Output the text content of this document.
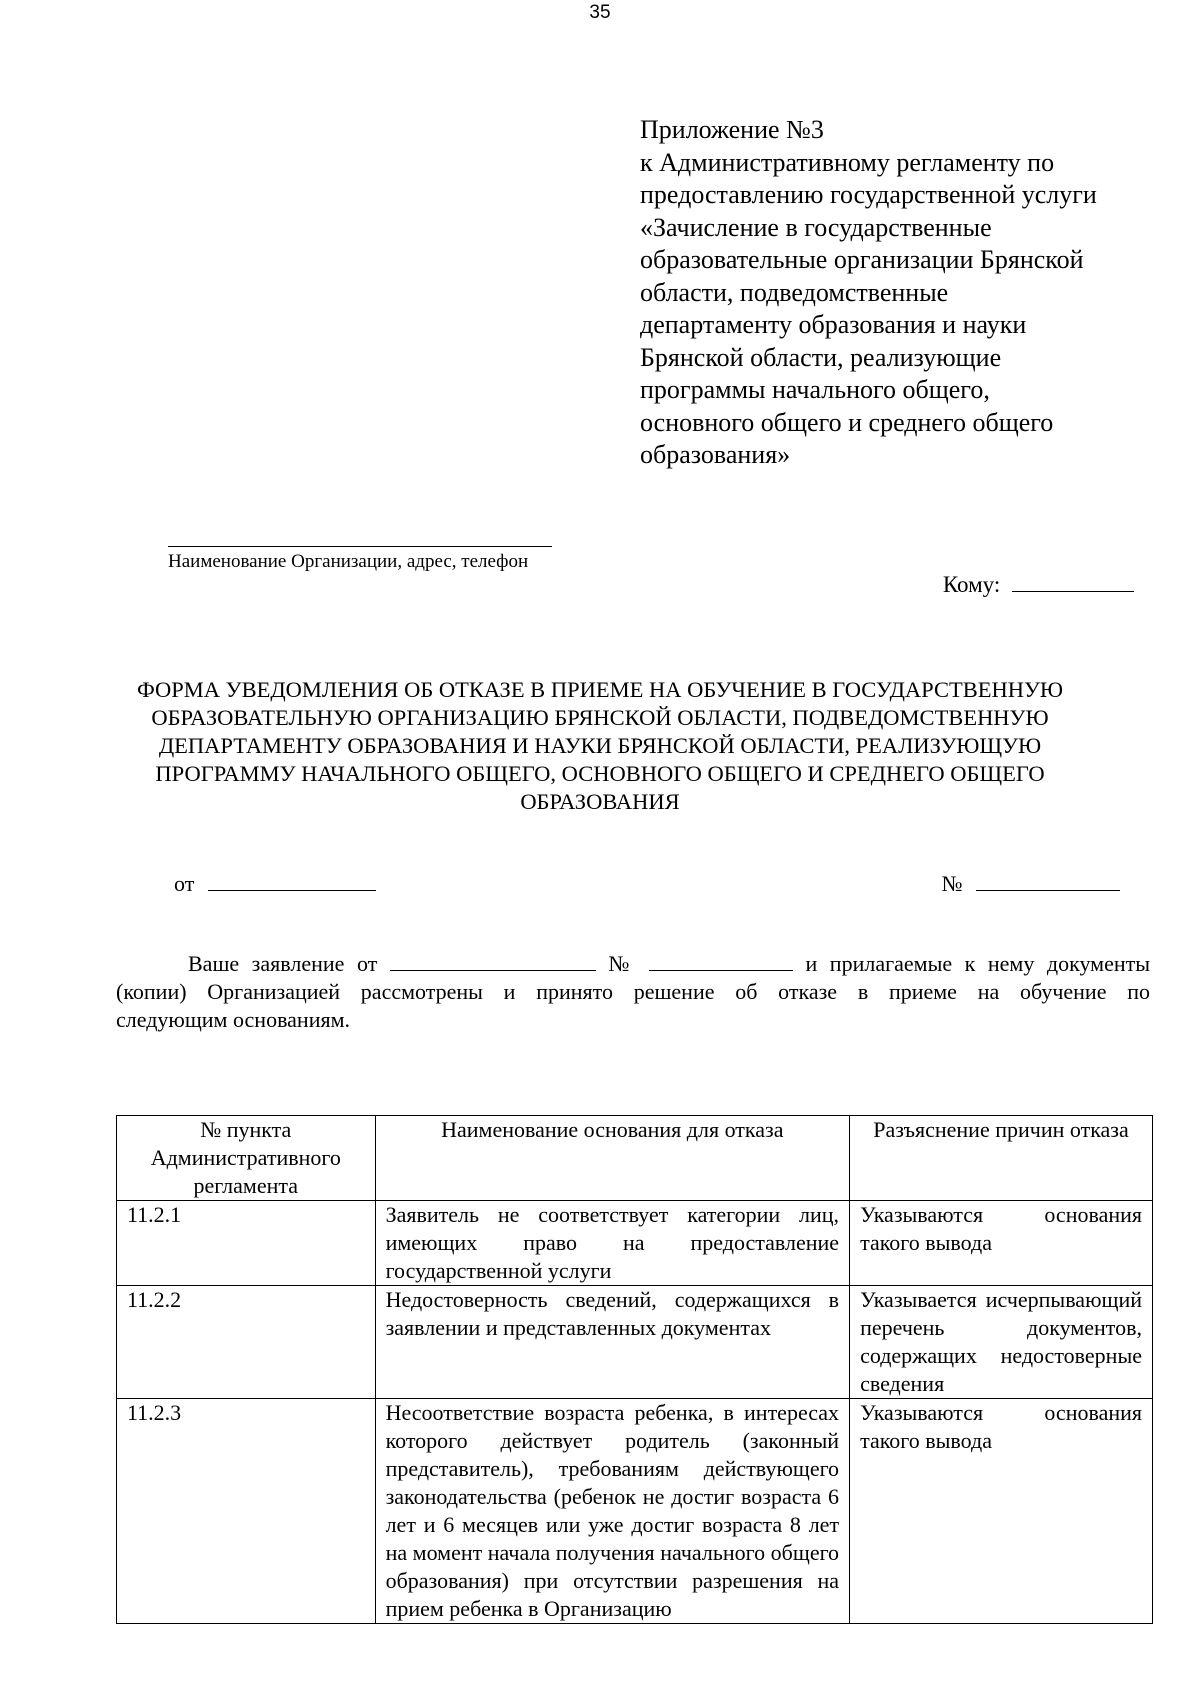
35
Приложение №3
к Административному регламенту по
предоставлению государственной услуги
«Зачисление в государственные
образовательные организации Брянской
области, подведомственные
департаменту образования и науки
Брянской области, реализующие
программы начального общего,
основного общего и среднего общего
образования»
Наименование Организации, адрес, телефон
Кому:
ФОРМА УВЕДОМЛЕНИЯ ОБ ОТКАЗЕ В ПРИЕМЕ НА ОБУЧЕНИЕ В ГОСУДАРСТВЕННУЮ
ОБРАЗОВАТЕЛЬНУЮ ОРГАНИЗАЦИЮ БРЯНСКОЙ ОБЛАСТИ, ПОДВЕДОМСТВЕННУЮ
ДЕПАРТАМЕНТУ ОБРАЗОВАНИЯ И НАУКИ БРЯНСКОЙ ОБЛАСТИ, РЕАЛИЗУЮЩУЮ
ПРОГРАММУ НАЧАЛЬНОГО ОБЩЕГО, ОСНОВНОГО ОБЩЕГО И СРЕДНЕГО ОБЩЕГО
ОБРАЗОВАНИЯ
от	№
Ваше заявление от	№	и прилагаемые к нему документы
(копии) Организацией рассмотрены и принято решение об отказе в приеме на обучение по
следующим основаниям.
№ пункта Административного регламента	Наименование основания для отказа	Разъяснение причин отказа
11.2.1	Заявитель не соответствует категории лиц, имеющих право на предоставление государственной услуги	Указываются основания такого вывода
11.2.2	Недостоверность сведений, содержащихся в заявлении и представленных документах	Указывается исчерпывающий перечень документов, содержащих недостоверные сведения
11.2.3	Несоответствие возраста ребенка, в интересах которого действует родитель (законный представитель), требованиям действующего законодательства (ребенок не достиг возраста 6 лет и 6 месяцев или уже достиг возраста 8 лет на момент начала получения начального общего образования) при отсутствии разрешения на прием ребенка в Организацию	Указываются основания такого вывода
